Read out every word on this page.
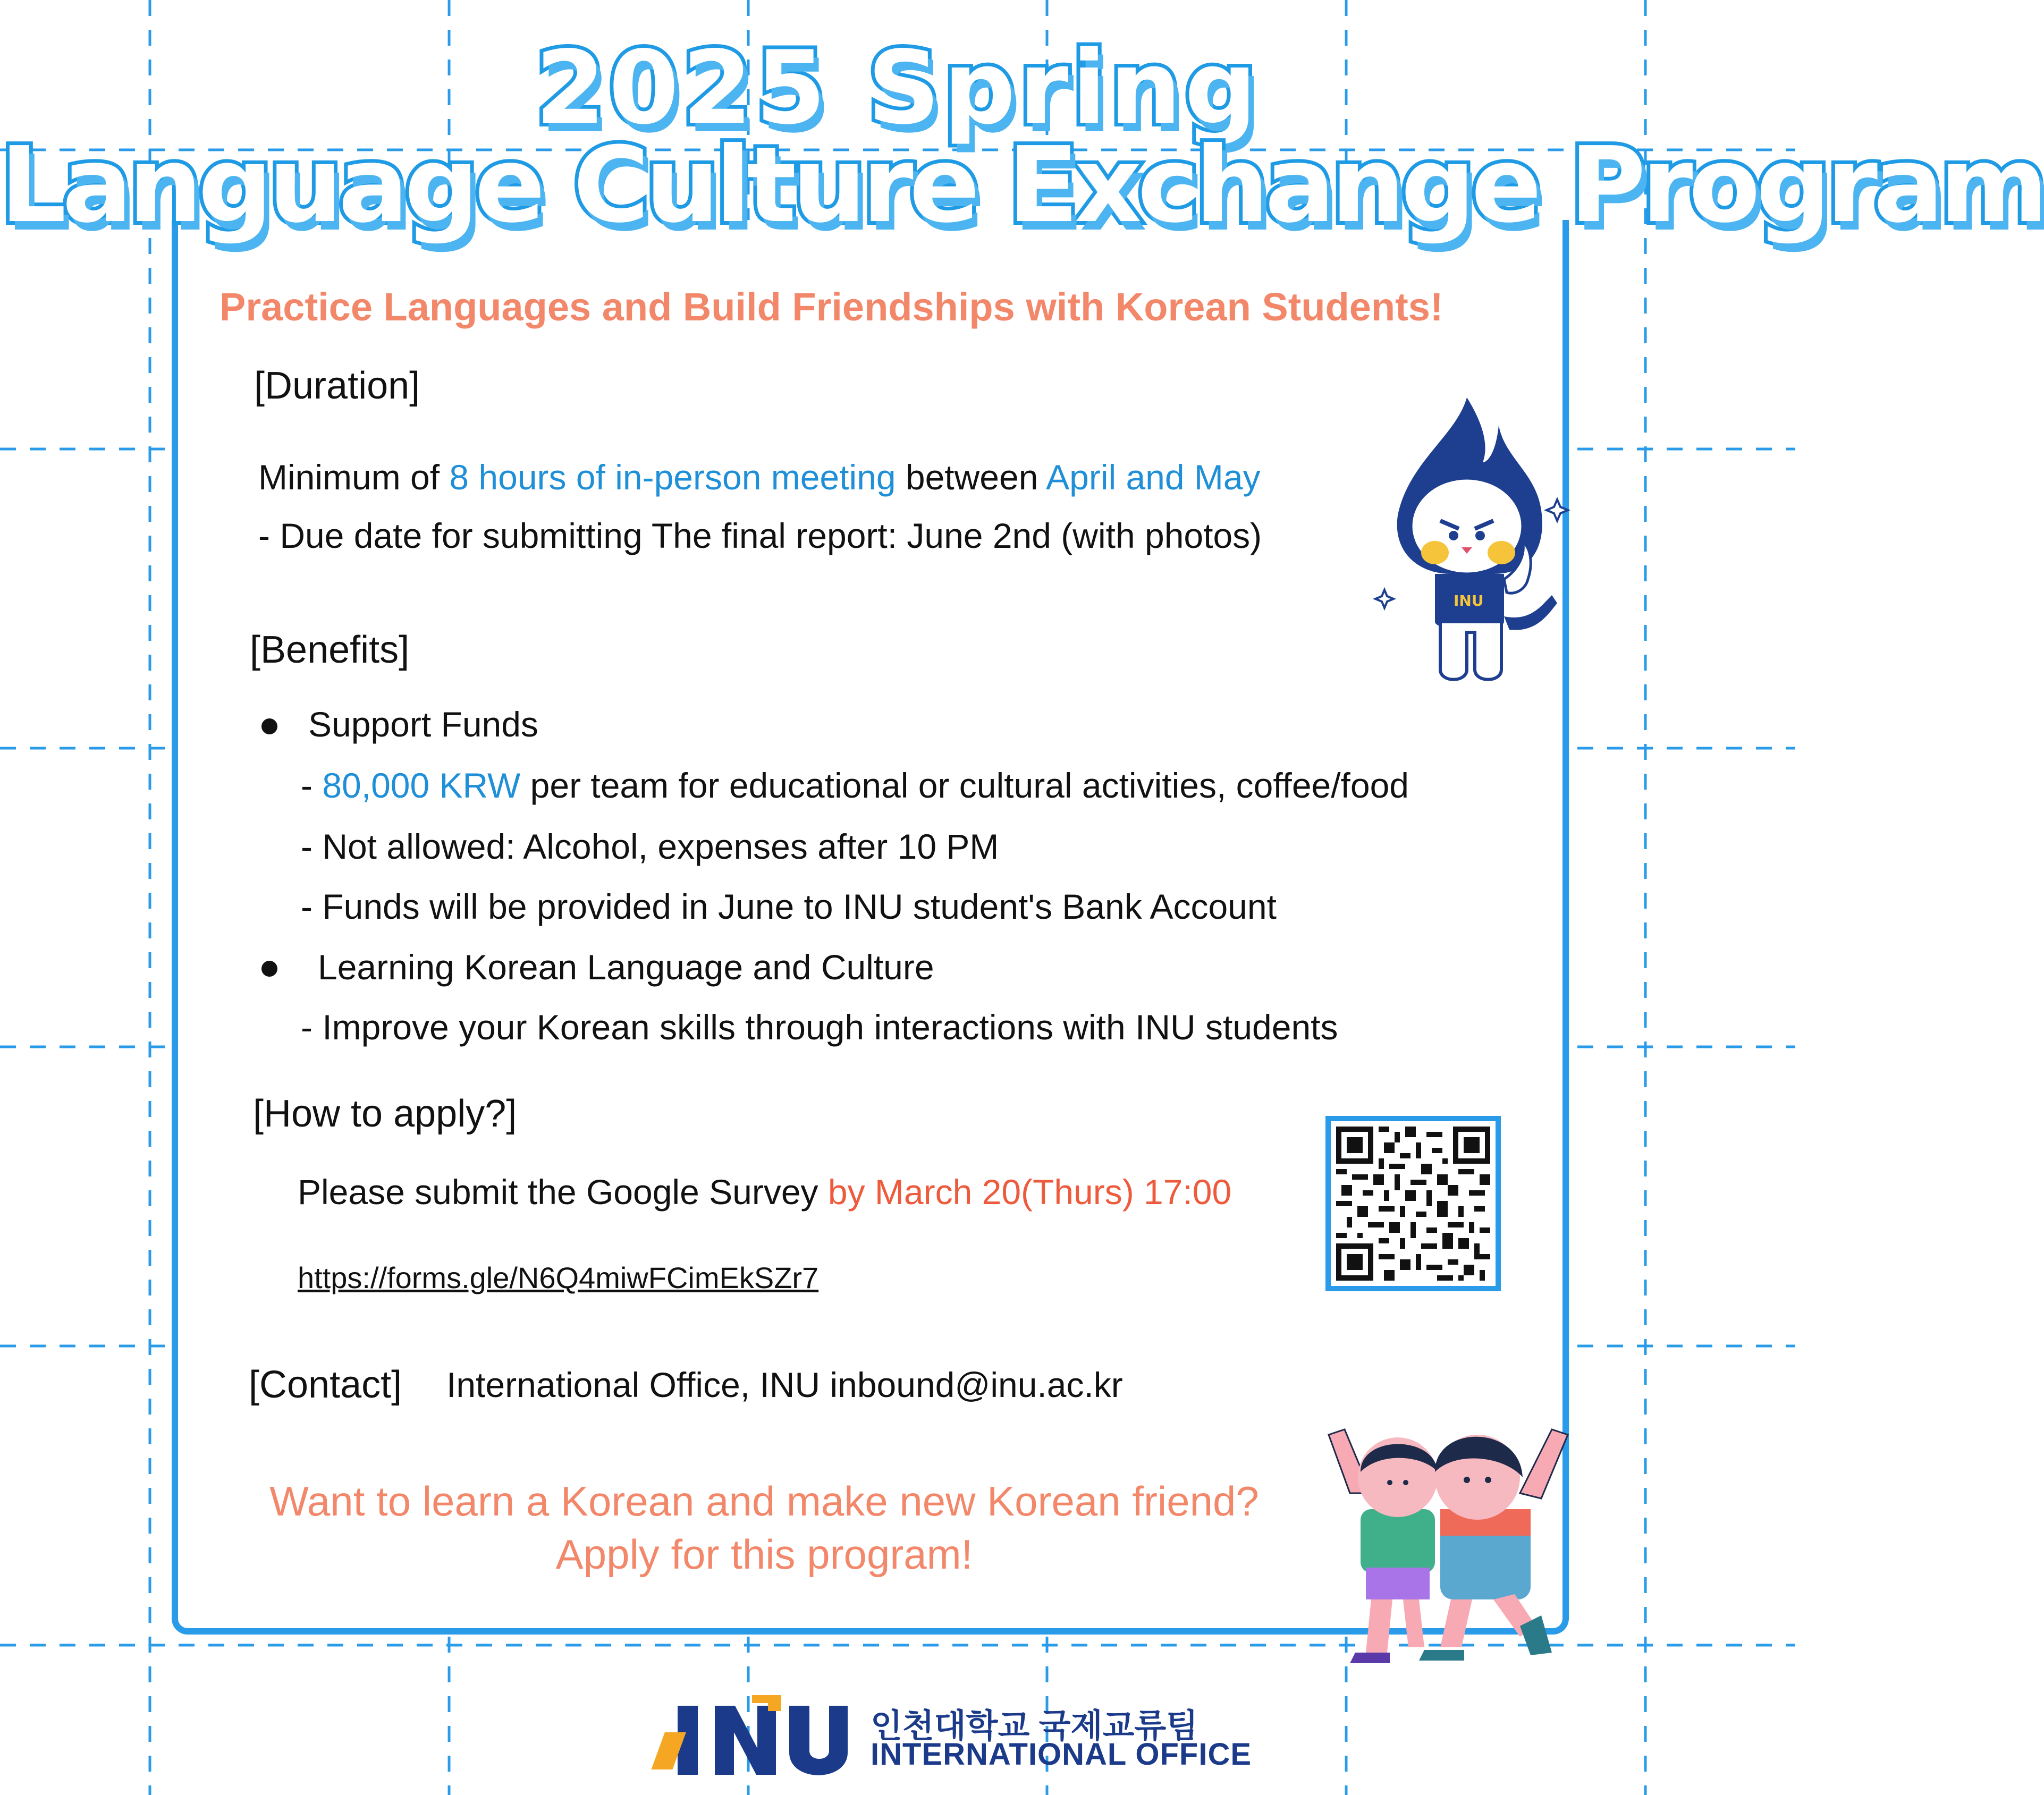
2025 Spring
Language Culture Exchange Program
Practice Languages and Build Friendships with Korean Students!
[Duration]
Minimum of 8 hours of in-person meeting between April and May
- Due date for submitting The final report: June 2nd (with photos)
[Benefits]
Support Funds
- 80,000 KRW per team for educational or cultural activities, coffee/food
- Not allowed: Alcohol, expenses after 10 PM
- Funds will be provided in June to INU student's Bank Account
Learning Korean Language and Culture
- Improve your Korean skills through interactions with INU students
[How to apply?]
Please submit the Google Survey by March 20(Thurs) 17:00
https://forms.gle/N6Q4miwFCimEkSZr7
[Contact] International Office, INU inbound@inu.ac.kr
Want to learn a Korean and make new Korean friend?
Apply for this program!
INU
인천대학교 국제교류팀
INTERNATIONAL OFFICE
